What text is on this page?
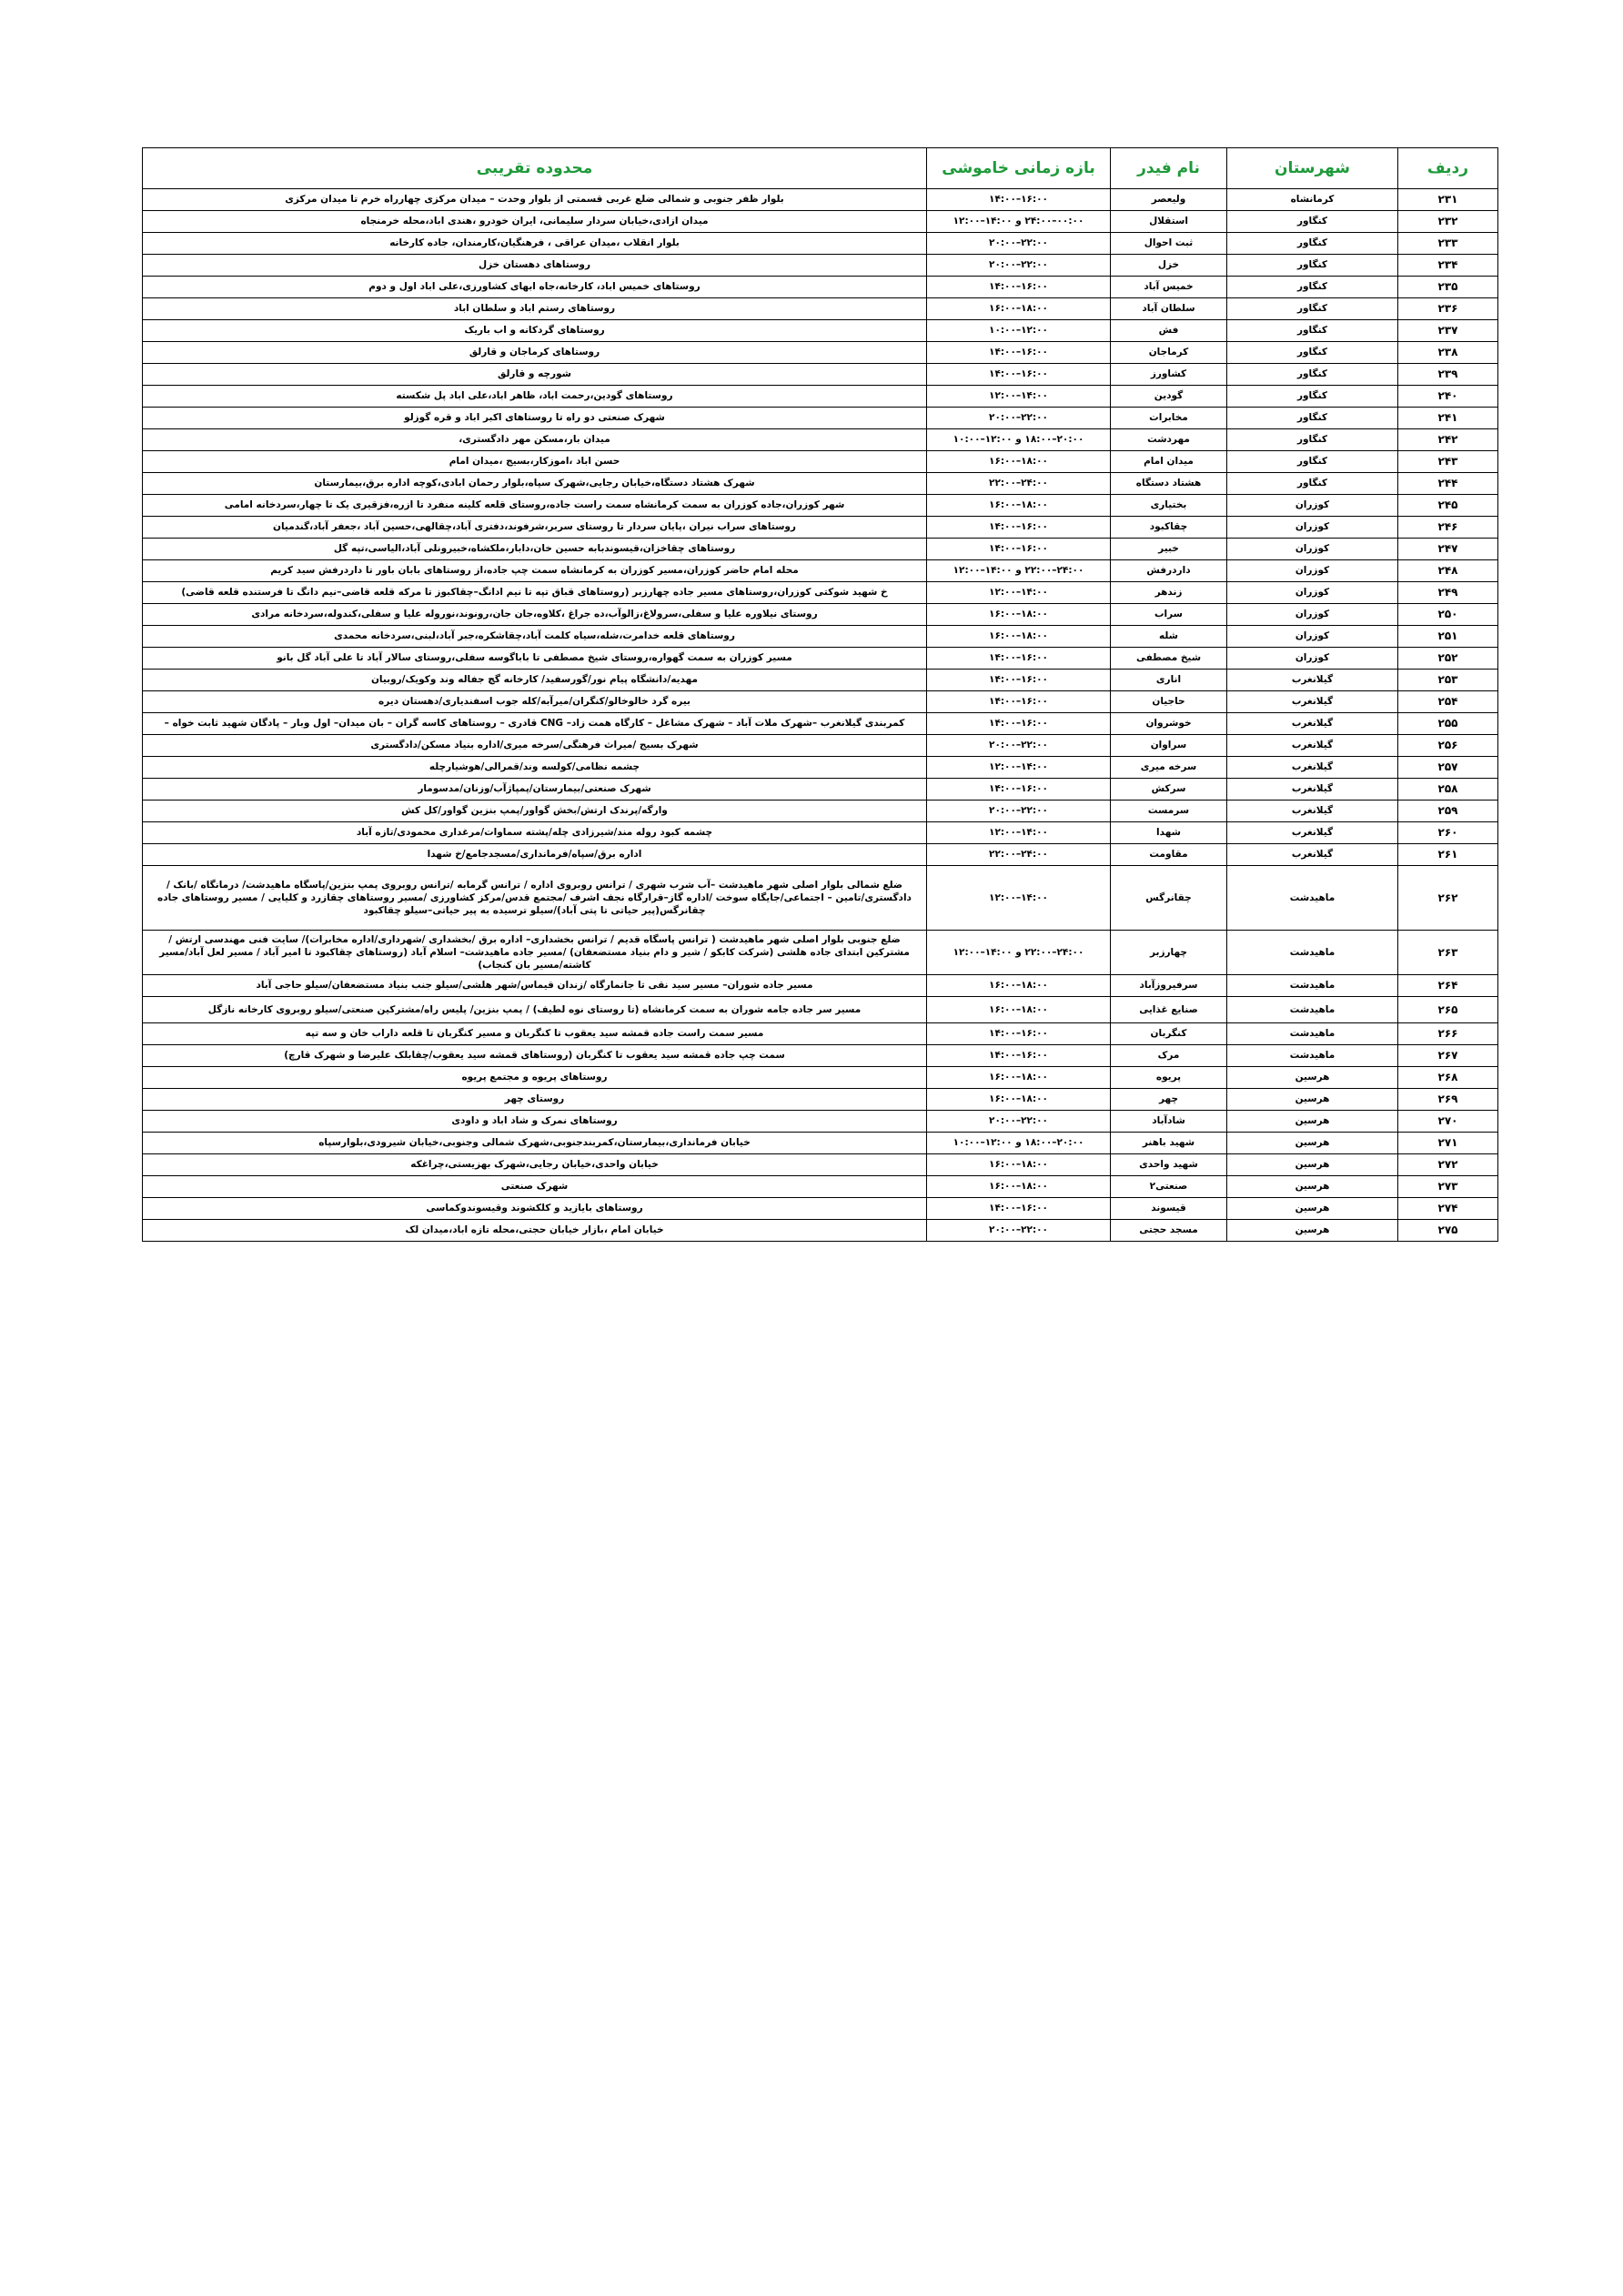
ردیف	شهرستان	نام فیدر	بازه زمانی خاموشی	محدوده تقریبی
۲۳۱	کرمانشاه	ولیعصر	۱۶:۰۰–۱۴:۰۰	بلوار ظفر جنوبی و شمالی ضلع غربی قسمتی از بلوار وحدت – میدان مرکزی چهارراه خرم تا میدان مرکزی
۲۳۲	کنگاور	استقلال	۰۰:۰۰–۲۴:۰۰ و ۱۴:۰۰–۱۲:۰۰	میدان ازادی،خیابان سردار سلیمانی، ایران خودرو ،هندی اباد،محله خرمنجاه
۲۳۳	کنگاور	ثبت احوال	۲۲:۰۰–۲۰:۰۰	بلوار انقلاب ،میدان عراقی ، فرهنگیان،کارمندان، جاده کارخانه
۲۳۴	کنگاور	خزل	۲۲:۰۰–۲۰:۰۰	روستاهای دهستان خزل
۲۳۵	کنگاور	خمیس آباد	۱۶:۰۰–۱۴:۰۰	روستاهای خمیس اباد، کارخانه،جاه ابهای کشاورزی،علی اباد اول و دوم
۲۳۶	کنگاور	سلطان آباد	۱۸:۰۰–۱۶:۰۰	روستاهای رستم اباد و سلطان اباد
۲۳۷	کنگاور	فش	۱۲:۰۰–۱۰:۰۰	روستاهای گردکانه و اب باریک
۲۳۸	کنگاور	کرماجان	۱۶:۰۰–۱۴:۰۰	روستاهای کرماجان و قارلق
۲۳۹	کنگاور	کشاورز	۱۶:۰۰–۱۴:۰۰	شورچه و قارلق
۲۴۰	کنگاور	گودین	۱۴:۰۰–۱۲:۰۰	روستاهای گودین،رحمت اباد، ظاهر اباد،علی اباد پل شکسته
۲۴۱	کنگاور	مخابرات	۲۲:۰۰–۲۰:۰۰	شهرک صنعتی دو راه تا روستاهای اکبر اباد و قره گوزلو
۲۴۲	کنگاور	مهردشت	۲۰:۰۰–۱۸:۰۰ و ۱۲:۰۰–۱۰:۰۰	میدان بار،مسکن مهر دادگستری،
۲۴۳	کنگاور	میدان امام	۱۸:۰۰–۱۶:۰۰	حسن اباد ،اموزکار،بسیج ،میدان امام
۲۴۴	کنگاور	هشتاد دستگاه	۲۴:۰۰–۲۲:۰۰	شهرک هشتاد دستگاه،خیابان رجایی،شهرک سپاه،بلوار رحمان ابادی،کوچه اداره برق،بیمارستان
۲۴۵	کوزران	بختیاری	۱۸:۰۰–۱۶:۰۰	شهر کوزران،جاده کوزران به سمت کرمانشاه سمت راست جاده،روستای قلعه کلینه منفرد تا ازره،فزقیری یک تا چهار،سردخانه امامی
۲۴۶	کوزران	چقاکبود	۱۶:۰۰–۱۴:۰۰	روستاهای سراب نیران ،پایان سردار تا روستای سربر،شرفوند،دفتری آباد،چقالهی،حسین آباد ،جعفر آباد،گندمیان
۲۴۷	کوزران	خبیر	۱۶:۰۰–۱۴:۰۰	روستاهای چقاخزان،قیسوندبابه حسین خان،دابار،ملکشاه،خبیرونلی آباد،الیاسی،تپه گل
۲۴۸	کوزران	داردرفش	۲۴:۰۰–۲۲:۰۰ و ۱۴:۰۰–۱۲:۰۰	محله امام حاضر کوزران،مسیر کوزران به کرمانشاه سمت چپ جاده،از روستاهای بابان باور تا داردرفش سید کریم
۲۴۹	کوزران	زندهر	۱۴:۰۰–۱۲:۰۰	خ شهید شوکتی کوزران،روستاهای مسیر جاده چهارزبر (روستاهای قباق تپه تا نیم ادانگ–چقاکبوز تا مرکه قلعه قاضی–نیم دانگ تا فرستنده قلعه قاضی)
۲۵۰	کوزران	سراب	۱۸:۰۰–۱۶:۰۰	روستای نیلاوره علیا و سفلی،سرولاغ،زالوآب،ده جراغ ،کلاوه،جان جان،رونوند،نوروله علیا و سفلی،کندوله،سردخانه مرادی
۲۵۱	کوزران	شله	۱۸:۰۰–۱۶:۰۰	روستاهای قلعه خدامرت،شله،سیاه کلمت آباد،چقاشکره،جبر آباد،لبنی،سردخانه محمدی
۲۵۲	کوزران	شیخ مصطفی	۱۶:۰۰–۱۴:۰۰	مسیر کوزران به سمت گهواره،روستای شیخ مصطفی تا باباگوسه سفلی،روستای سالار آباد تا علی آباد گل بانو
۲۵۳	گیلانغرب	اناری	۱۶:۰۰–۱۴:۰۰	مهدیه/دانشگاه پیام نور/گورسفید/ کارخانه گچ جفاله وند وکویک/روبیان
۲۵۴	گیلانغرب	حاجیان	۱۶:۰۰–۱۴:۰۰	بیره گرد خالوخالو/کنگران/میرآبه/کله جوب اسفندیاری/دهستان دیره
۲۵۵	گیلانغرب	خوشروان	۱۶:۰۰–۱۴:۰۰	کمربندی گیلانغرب –شهرک ملات آباد – شهرک مشاغل – کارگاه همت زاد– CNG قادری – روستاهای کاسه گران – بان میدان– اول وبار – پادگان شهید ثابت خواه –
۲۵۶	گیلانغرب	سراوان	۲۲:۰۰–۲۰:۰۰	شهرک بسیج /میراث فرهنگی/سرخه میری/اداره بنیاد مسکن/دادگستری
۲۵۷	گیلانغرب	سرخه میری	۱۴:۰۰–۱۲:۰۰	چشمه نظامی/کولسه وند/قمرالی/هوشیارچله
۲۵۸	گیلانغرب	سرکش	۱۶:۰۰–۱۴:۰۰	شهرک صنعتی/بیمارستان/پمپاژآب/وزنان/مدسومار
۲۵۹	گیلانغرب	سرمست	۲۲:۰۰–۲۰:۰۰	وارگه/پرندک ارتش/بخش گواور/پمپ بنزین گواور/کل کش
۲۶۰	گیلانغرب	شهدا	۱۴:۰۰–۱۲:۰۰	چشمه کبود روله مند/شیرزادی چله/پشته سماوات/مرغداری محمودی/تازه آباد
۲۶۱	گیلانغرب	مقاومت	۲۴:۰۰–۲۲:۰۰	اداره برق/سپاه/فرمانداری/مسجدجامع/خ شهدا
۲۶۲	ماهیدشت	چقانرگس	۱۴:۰۰–۱۲:۰۰	ضلع شمالی بلوار اصلی شهر ماهیدشت –آب شرب شهری / ترانس روبروی اداره / ترانس گرمابه /ترانس روبروی پمپ بنزین/پاسگاه ماهیدشت/ درمانگاه /بانک /دادگستری/تامین – اجتماعی/جایگاه سوخت /اداره گاز–قرارگاه نجف اشرف /مجتمع قدس/مرکز کشاورزی /مسیر روستاهای چقازرد و کلیایی / مسیر روستاهای جاده چقانرگس(پیر حیاتی تا پتی آباد)/سیلو ترسیده به پیر حیاتی–سیلو چقاکبود
۲۶۳	ماهیدشت	چهارزبر	۲۴:۰۰–۲۲:۰۰ و ۱۴:۰۰–۱۲:۰۰	ضلع جنوبی بلوار اصلی شهر ماهیدشت ( ترانس پاسگاه قدیم / ترانس بخشداری– اداره برق /بخشداری /شهرداری/اداره مخابرات)/ سایت فنی مهندسی ارتش / مشترکین ابتدای جاده هلشی (شرکت کابکو / شیر و دام بنیاد مستضعفان) /مسیر جاده ماهیدشت– اسلام آباد (روستاهای چقاکبود تا امیر آباد / مسیر لعل آباد/مسیر کاشته/مسیر بان کنجاب)
۲۶۴	ماهیدشت	سرفیروزآباد	۱۸:۰۰–۱۶:۰۰	مسیر جاده شوران– مسیر سید نقی تا جانمارگاه /زندان قیماس/شهر هلشی/سیلو جنب بنیاد مستضعفان/سیلو حاجی آباد
۲۶۵	ماهیدشت	صنایع غذایی	۱۸:۰۰–۱۶:۰۰	مسیر سر جاده جامه شوران به سمت کرمانشاه (تا روستای نوه لطیف) / پمپ بنزین/ پلیس راه/مشترکین صنعتی/سیلو روبروی کارخانه نازگل
۲۶۶	ماهیدشت	کنگربان	۱۶:۰۰–۱۴:۰۰	مسیر سمت راست جاده قمشه سید یعقوب تا کنگربان و مسیر کنگربان تا قلعه داراب خان و سه تپه
۲۶۷	ماهیدشت	مرک	۱۶:۰۰–۱۴:۰۰	سمت چپ جاده قمشه سید یعقوب تا کنگربان (روستاهای قمشه سید یعقوب/چقابلک علیرضا و شهرک قارچ)
۲۶۸	هرسین	پریوه	۱۸:۰۰–۱۶:۰۰	روستاهای پریوه و مجتمع پریوه
۲۶۹	هرسین	چهر	۱۸:۰۰–۱۶:۰۰	روستای چهر
۲۷۰	هرسین	شادآباد	۲۲:۰۰–۲۰:۰۰	روستاهای نمرک و شاد اباد و داودی
۲۷۱	هرسین	شهید باهنر	۲۰:۰۰–۱۸:۰۰ و ۱۲:۰۰–۱۰:۰۰	خیابان فرمانداری،بیمارستان،کمربندجنوبی،شهرک شمالی وجنوبی،خیابان شیرودی،بلوارسپاه
۲۷۲	هرسین	شهید واحدی	۱۸:۰۰–۱۶:۰۰	خیابان واحدی،خیابان رجایی،شهرک بهزیستی،چراغکه
۲۷۳	هرسین	صنعتی۲	۱۸:۰۰–۱۶:۰۰	شهرک صنعتی
۲۷۴	هرسین	قیسوند	۱۶:۰۰–۱۴:۰۰	روستاهای بایازید و کلکشوند وقیسوندوکماسی
۲۷۵	هرسین	مسجد حجتی	۲۲:۰۰–۲۰:۰۰	خیابان امام ،بازار خیابان حجتی،محله تازه اباد،میدان لک
